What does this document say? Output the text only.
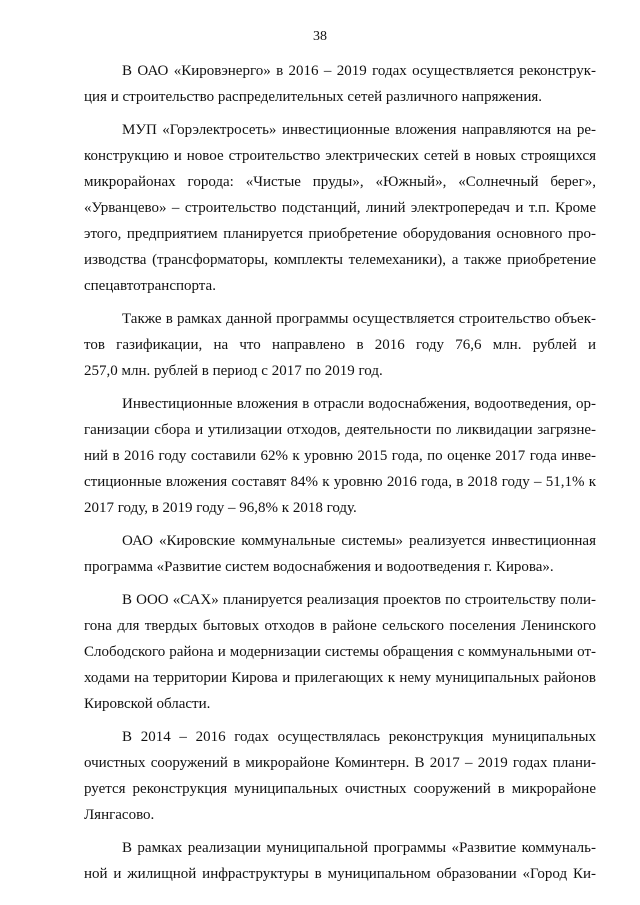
38
В ОАО «Кировэнерго» в 2016 – 2019 годах осуществляется реконструк-
ция и строительство распределительных сетей различного напряжения.
МУП «Горэлектросеть» инвестиционные вложения направляются на ре-
конструкцию и новое строительство электрических сетей в новых строящихся
микрорайонах города: «Чистые пруды», «Южный», «Солнечный берег»,
«Урванцево» – строительство подстанций, линий электропередач и т.п. Кроме
этого, предприятием планируется приобретение оборудования основного про-
изводства (трансформаторы, комплекты телемеханики), а также приобретение
спецавтотранспорта.
Также в рамках данной программы осуществляется строительство объек-
тов газификации, на что направлено в 2016 году 76,6 млн. рублей и
257,0 млн. рублей в период с 2017 по 2019 год.
Инвестиционные вложения в отрасли водоснабжения, водоотведения, ор-
ганизации сбора и утилизации отходов, деятельности по ликвидации загрязне-
ний в 2016 году составили 62% к уровню 2015 года, по оценке 2017 года инве-
стиционные вложения составят 84% к уровню 2016 года, в 2018 году – 51,1% к
2017 году, в 2019 году – 96,8% к 2018 году.
ОАО «Кировские коммунальные системы» реализуется инвестиционная
программа «Развитие систем водоснабжения и водоотведения г. Кирова».
В ООО «САХ» планируется реализация проектов по строительству поли-
гона для твердых бытовых отходов в районе сельского поселения Ленинского
Слободского района и модернизации системы обращения с коммунальными от-
ходами на территории Кирова и прилегающих к нему муниципальных районов
Кировской области.
В 2014 – 2016 годах осуществлялась реконструкция муниципальных
очистных сооружений в микрорайоне Коминтерн. В 2017 – 2019 годах плани-
руется реконструкция муниципальных очистных сооружений в микрорайоне
Лянгасово.
В рамках реализации муниципальной программы «Развитие коммуналь-
ной и жилищной инфраструктуры в муниципальном образовании «Город Ки-
